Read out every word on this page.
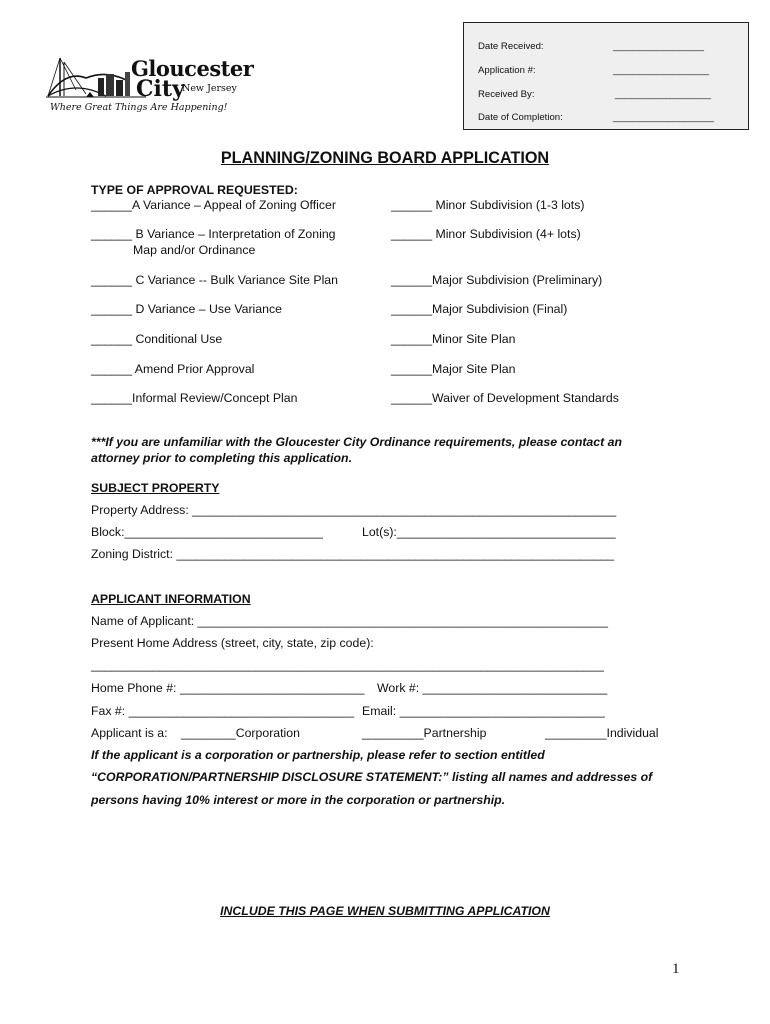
Gloucester
City
New Jersey
Where Great Things Are Happening!
Date Received:	__________________
Application #:	___________________
Received By:	___________________
Date of Completion:	____________________
PLANNING/ZONING BOARD APPLICATION
TYPE OF APPROVAL REQUESTED:
______A Variance – Appeal of Zoning Officer
______ B Variance – Interpretation of Zoning
Map and/or Ordinance
______ C Variance -- Bulk Variance Site Plan
______ D Variance – Use Variance
______ Conditional Use
______ Amend Prior Approval
______Informal Review/Concept Plan
______ Minor Subdivision (1-3 lots)
______ Minor Subdivision (4+ lots)
______Major Subdivision (Preliminary)
______Major Subdivision (Final)
______Minor Site Plan
______Major Site Plan
______Waiver of Development Standards
***If you are unfamiliar with the Gloucester City Ordinance requirements, please contact an
attorney prior to completing this application.
SUBJECT PROPERTY
Property Address: ______________________________________________________________
Block:_____________________________	Lot(s):________________________________
Zoning District: ________________________________________________________________
APPLICANT INFORMATION
Name of Applicant: ____________________________________________________________
Present Home Address (street, city, state, zip code):
___________________________________________________________________________
Home Phone #: ___________________________ Work #: ___________________________
Fax #: _________________________________ Email: ______________________________
Applicant is a: ________Corporation	_________Partnership	_________Individual
If the applicant is a corporation or partnership, please refer to section entitled
“CORPORATION/PARTNERSHIP DISCLOSURE STATEMENT:” listing all names and addresses of
persons having 10% interest or more in the corporation or partnership.
INCLUDE THIS PAGE WHEN SUBMITTING APPLICATION
1
